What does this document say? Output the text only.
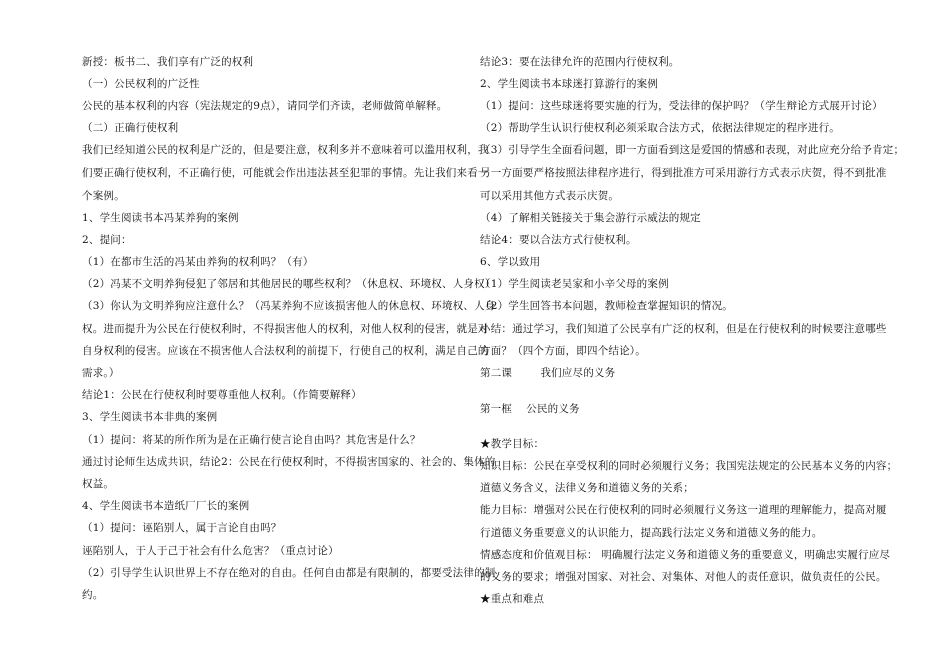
新授：板书二、我们享有广泛的权利

（一）公民权利的广泛性

公民的基本权利的内容（宪法规定的9点），请同学们齐读，老师做简单解释。

（二）正确行使权利

我们已经知道公民的权利是广泛的，但是要注意，权利多并不意味着可以滥用权利，我

们要正确行使权利，不正确行使，可能就会作出违法甚至犯罪的事情。先让我们来看一

个案例。

1、学生阅读书本冯某养狗的案例

2、提问：

（1）在都市生活的冯某由养狗的权利吗？（有）

（2）冯某不文明养狗侵犯了邻居和其他居民的哪些权利？（休息权、环境权、人身权）

（3）你认为文明养狗应注意什么？（冯某养狗不应该损害他人的休息权、环境权、人身

权。进而提升为公民在行使权利时，不得损害他人的权利，对他人权利的侵害，就是对

自身权利的侵害。应该在不损害他人合法权利的前提下，行使自己的权利，满足自己的

需求。）

结论1：公民在行使权利时要尊重他人权利。（作简要解释）

3、学生阅读书本非典的案例

（1）提问：将某的所作所为是在正确行使言论自由吗？其危害是什么？

通过讨论师生达成共识，结论2：公民在行使权利时，不得损害国家的、社会的、集体的

权益。

4、学生阅读书本造纸厂厂长的案例

（1）提问：诬陷别人，属于言论自由吗？

诬陷别人，于人于己于社会有什么危害？（重点讨论）

（2）引导学生认识世界上不存在绝对的自由。任何自由都是有限制的，都要受法律的制

约。

结论3：要在法律允许的范围内行使权利。

2、学生阅读书本球迷打算游行的案例

（1）提问：这些球迷将要实施的行为，受法律的保护吗？（学生辩论方式展开讨论）

（2）帮助学生认识行使权利必须采取合法方式，依据法律规定的程序进行。

（3）引导学生全面看问题，即一方面看到这是爱国的情感和表现，对此应充分给予肯定；

另一方面要严格按照法律程序进行，得到批准方可采用游行方式表示庆贺，得不到批准

可以采用其他方式表示庆贺。

（4）了解相关链接关于集会游行示威法的规定

结论4：要以合法方式行使权利。

6、学以致用

（1）学生阅读老吴家和小辛父母的案例

（2）学生回答书本问题，教师检查掌握知识的情况。

小结：通过学习，我们知道了公民享有广泛的权利，但是在行使权利的时候要注意哪些

方面？（四个方面，即四个结论）。

第二课        我们应尽的义务

第一框    公民的义务

★教学目标：

知识目标：公民在享受权利的同时必须履行义务；我国宪法规定的公民基本义务的内容；

道德义务含义，法律义务和道德义务的关系；

能力目标：增强对公民在行使权利的同时必须履行义务这一道理的理解能力，提高对履

行道德义务重要意义的认识能力，提高践行法定义务和道德义务的能力。

情感态度和价值观目标： 明确履行法定义务和道德义务的重要意义，明确忠实履行应尽

的义务的要求；增强对国家、对社会、对集体、对他人的责任意识，做负责任的公民。

★重点和难点
